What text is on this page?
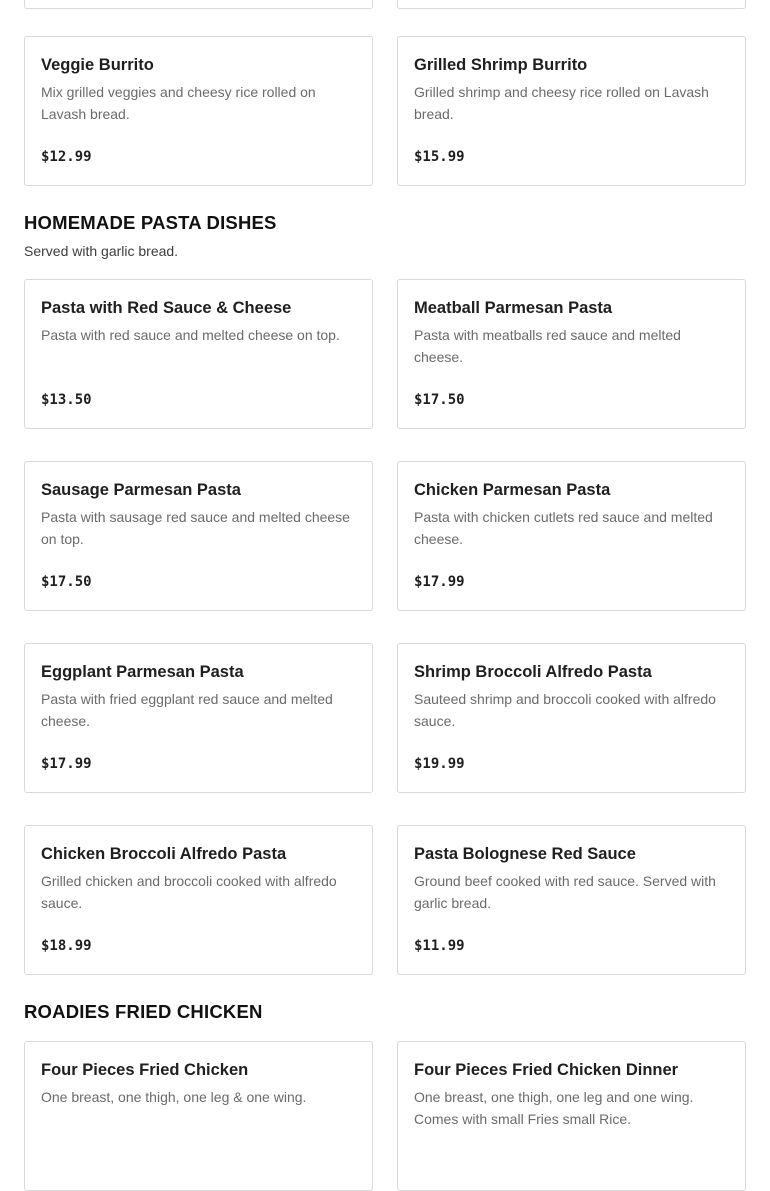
Veggie Burrito
Mix grilled veggies and cheesy rice rolled on Lavash bread.
$12.99
Grilled Shrimp Burrito
Grilled shrimp and cheesy rice rolled on Lavash bread.
$15.99
HOMEMADE PASTA DISHES
Served with garlic bread.
Pasta with Red Sauce & Cheese
Pasta with red sauce and melted cheese on top.
$13.50
Meatball Parmesan Pasta
Pasta with meatballs red sauce and melted cheese.
$17.50
Sausage Parmesan Pasta
Pasta with sausage red sauce and melted cheese on top.
$17.50
Chicken Parmesan Pasta
Pasta with chicken cutlets red sauce and melted cheese.
$17.99
Eggplant Parmesan Pasta
Pasta with fried eggplant red sauce and melted cheese.
$17.99
Shrimp Broccoli Alfredo Pasta
Sauteed shrimp and broccoli cooked with alfredo sauce.
$19.99
Chicken Broccoli Alfredo Pasta
Grilled chicken and broccoli cooked with alfredo sauce.
$18.99
Pasta Bolognese Red Sauce
Ground beef cooked with red sauce. Served with garlic bread.
$11.99
ROADIES FRIED CHICKEN
Four Pieces Fried Chicken
One breast, one thigh, one leg & one wing.
Four Pieces Fried Chicken Dinner
One breast, one thigh, one leg and one wing. Comes with small Fries small Rice.
